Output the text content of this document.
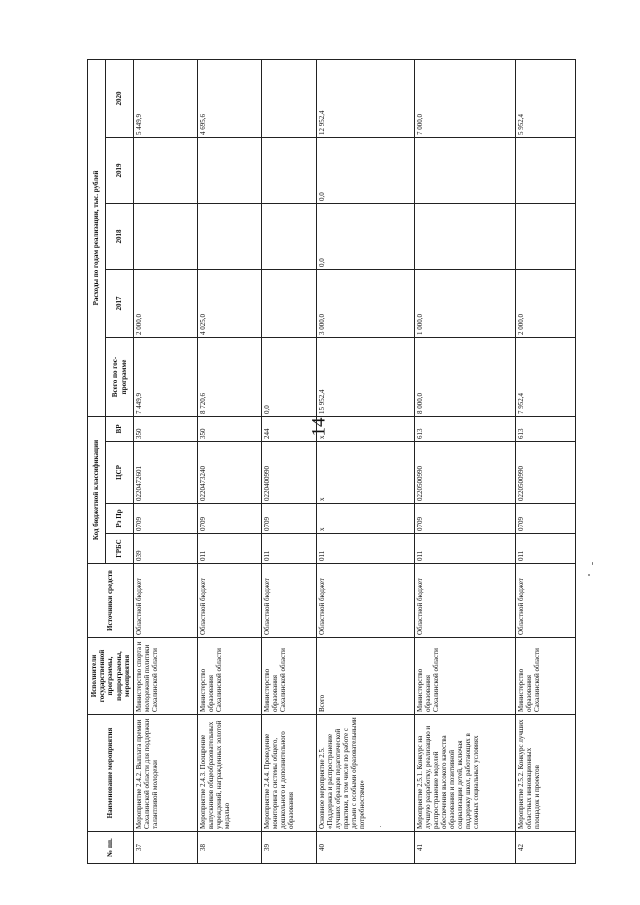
14
№ пп.	Наименование мероприятия	Исполнители государственной программы, подпрограммы, мероприятия	Источники средств	Код бюджетной классификации				Расходы по годам реализации, тыс. рублей				
				ГРБС	Рз Пр	ЦСР	ВР	Всего по гос-программе	2017	2018	2019	2020

37	Мероприятие 2.4.2. Выплата премии Сахалинской области для поддержки талантливой молодежи	Министерство спорта и молодежной политики Сахалинской области	Областной бюджет	039	0709	0220472601	350	7 449,9	2 000,0			5 449,9
38	Мероприятие 2.4.3. Поощрение выпускников общеобразовательных учреждений, награжденных золотой медалью	Министерство образования Сахалинской области	Областной бюджет	011	0709	0220473240	350	8 720,6	4 025,0			4 695,6
39	Мероприятие 2.4.4. Проведение мониторинга системы общего, дошкольного и дополнительного образования	Министерство образования Сахалинской области	Областной бюджет	011	0709	0220400990	244	0,0				
40	Основное мероприятие 2.5. «Поддержка и распространение лучших образцов педагогической практики, в том числе по работе с детьми с особыми образовательными потребностями»	Всего	Областной бюджет	011	х	х	х	15 952,4	3 000,0	0,0	0,0	12 952,4
41	Мероприятие 2.5.1. Конкурс на лучшую разработку, реализацию и распространение моделей обеспечения высокого качества образования и позитивной социализации детей, включая поддержку школ, работающих в сложных социальных условиях	Министерство образования Сахалинской области	Областной бюджет	011	0709	0220500990	613	8 000,0	1 000,0			7 000,0
42	Мероприятие 2.5.2. Конкурс лучших областных инновационных площадок и проектов	Министерство образования Сахалинской области	Областной бюджет	011	0709	0220500990	613	7 952,4	2 000,0			5 952,4
